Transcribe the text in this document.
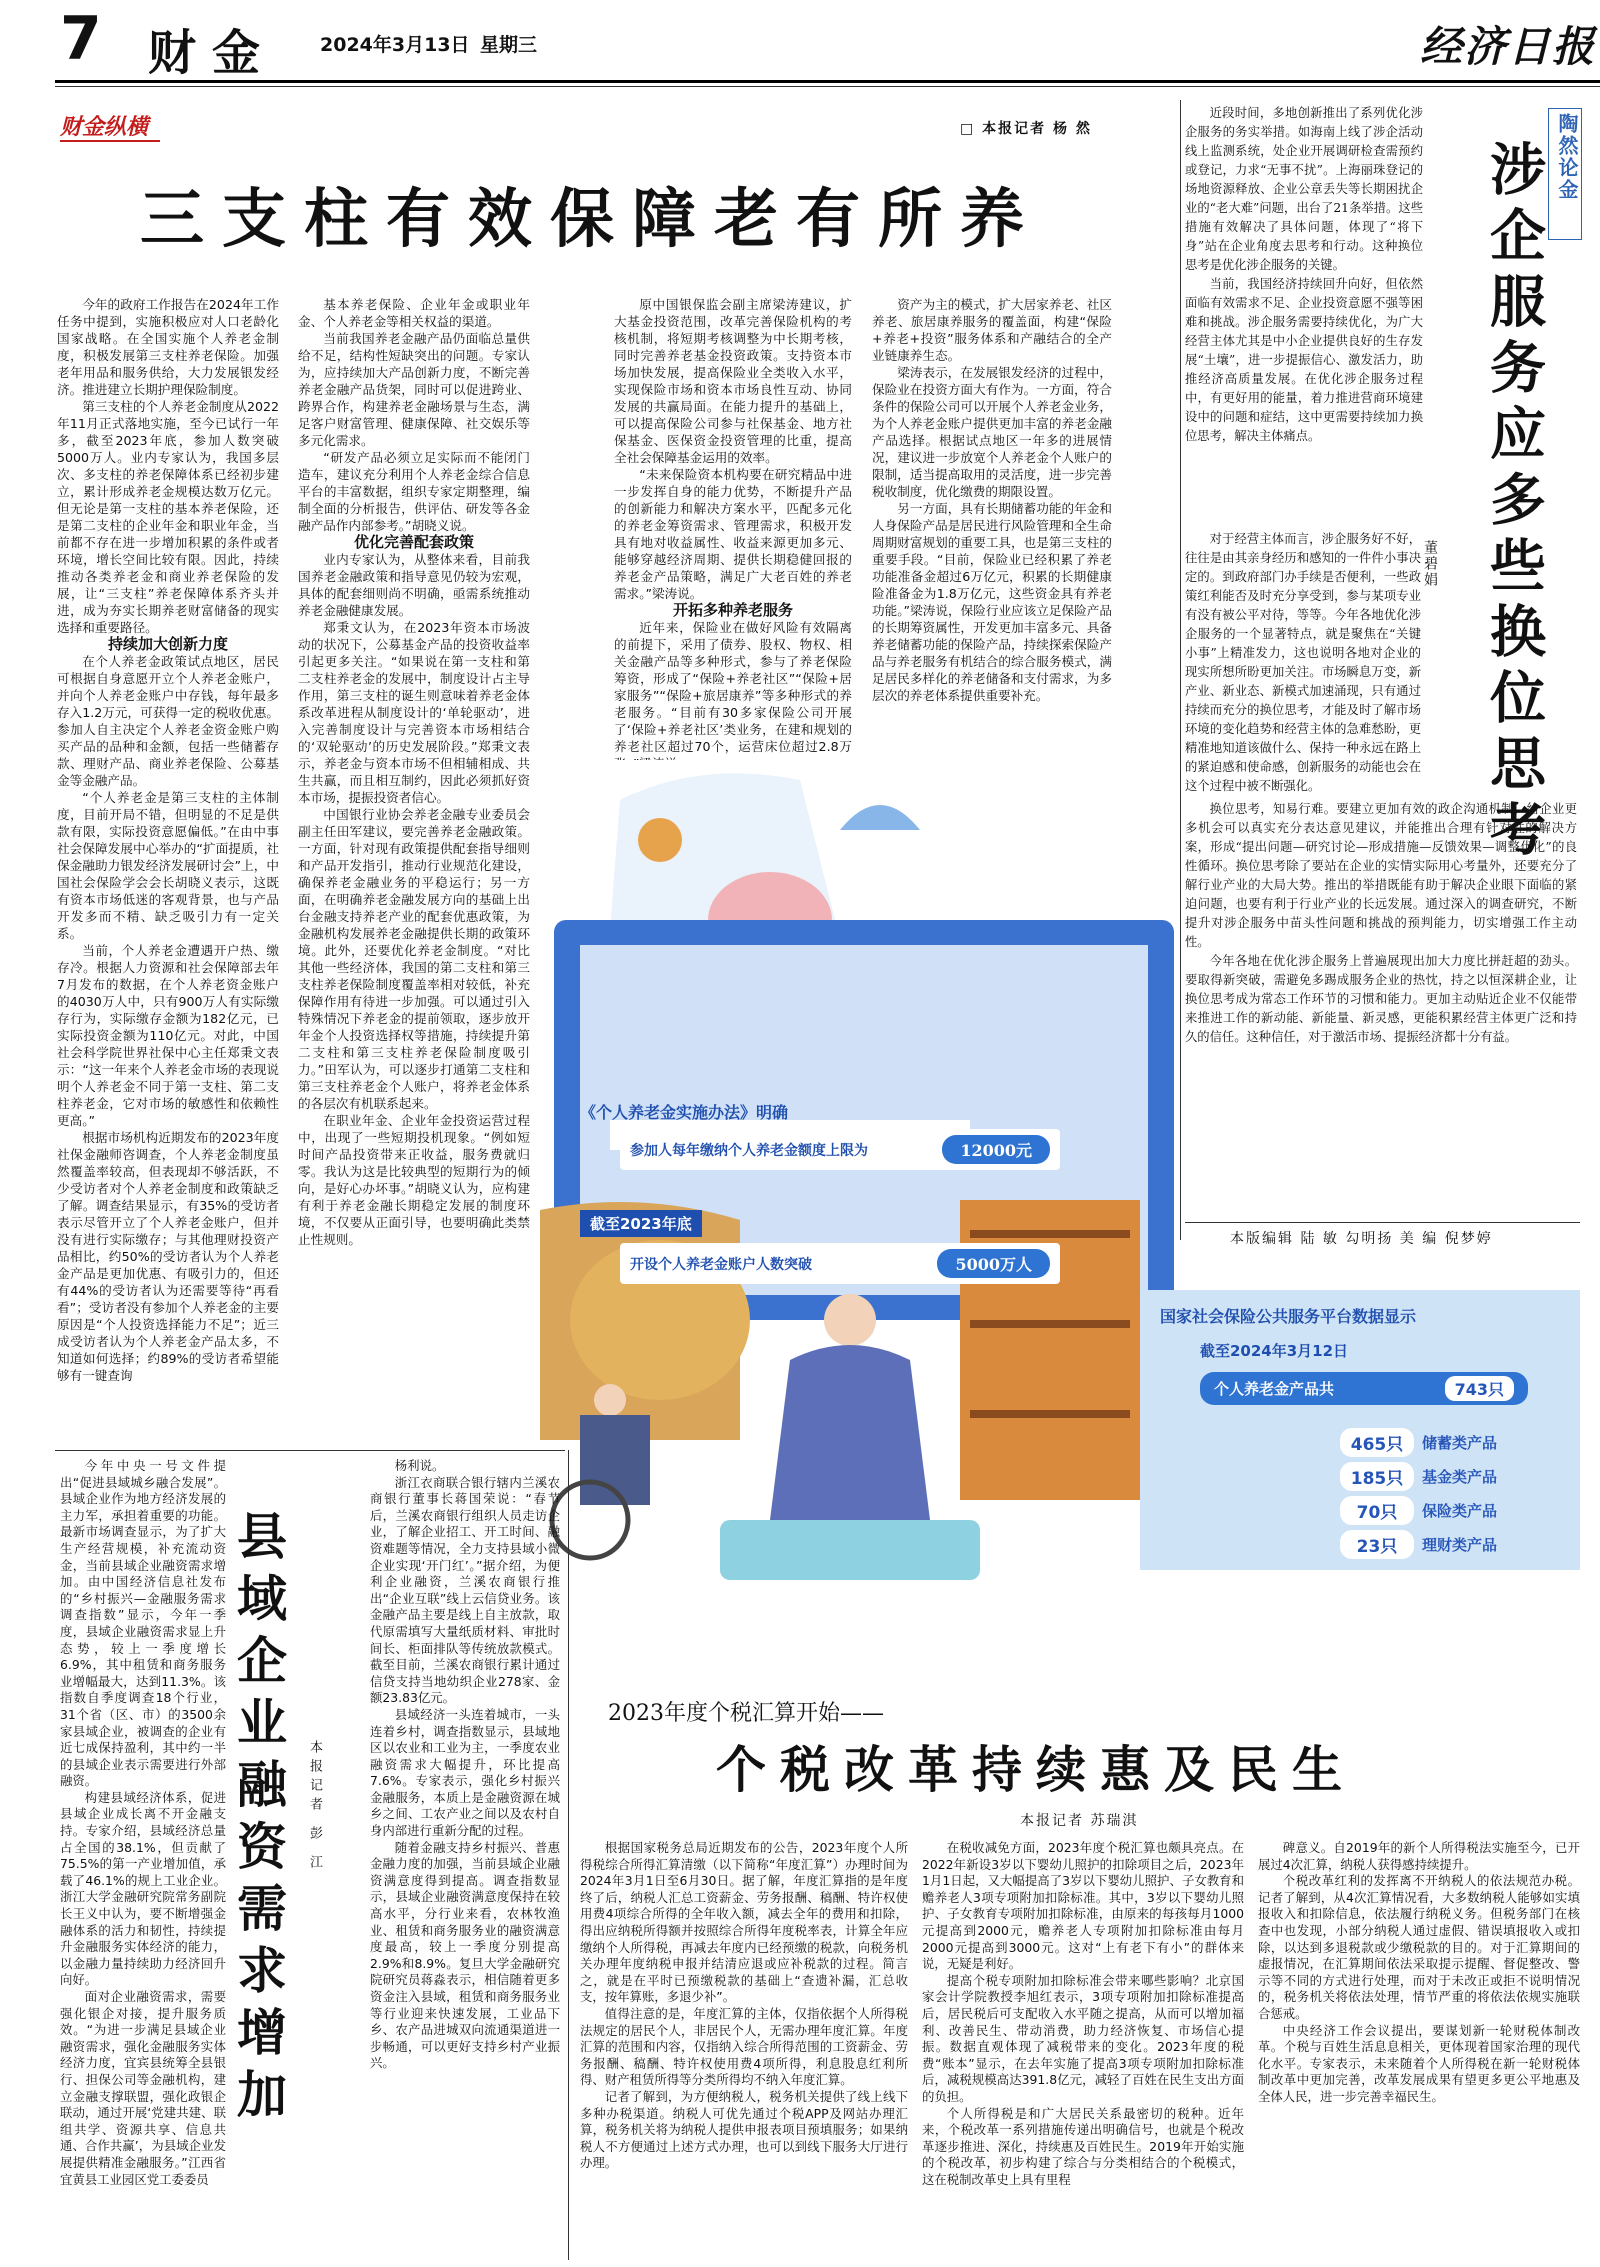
7 财金 2024年3月13日 星期三	经济日报
财金纵横	□ 本报记者 杨 然
三支柱有效保障老有所养

今年的政府工作报告在2024年工作任务中提到，实施积极应对人口老龄化国家战略。在全国实施个人养老金制度，积极发展第三支柱养老保险。加强老年用品和服务供给，大力发展银发经济。推进建立长期护理保险制度。

第三支柱的个人养老金制度从2022年11月正式落地实施，至今已试行一年多，截至2023年底，参加人数突破5000万人。业内专家认为，我国多层次、多支柱的养老保障体系已经初步建立，累计形成养老金规模达数万亿元。但无论是第一支柱的基本养老保险，还是第二支柱的企业年金和职业年金，当前都不存在进一步增加积累的条件或者环境，增长空间比较有限。因此，持续推动各类养老金和商业养老保险的发展，让“三支柱”养老保障体系齐头并进，成为夯实长期养老财富储备的现实选择和重要路径。

持续加大创新力度

在个人养老金政策试点地区，居民可根据自身意愿开立个人养老金账户，并向个人养老金账户中存钱，每年最多存入1.2万元，可获得一定的税收优惠。参加人自主决定个人养老金资金账户购买产品的品种和金额，包括一些储蓄存款、理财产品、商业养老保险、公募基金等金融产品。

“个人养老金是第三支柱的主体制度，目前开局不错，但明显的不足是供款有限，实际投资意愿偏低。”在由中事社会保障发展中心举办的“扩面提质，社保金融助力银发经济发展研讨会”上，中国社会保险学会会长胡晓义表示，这既有资本市场低迷的客观背景，也与产品开发多而不精、缺乏吸引力有一定关系。

当前，个人养老金遭遇开户热、缴存冷。根据人力资源和社会保障部去年7月发布的数据，在个人养老资金账户的4030万人中，只有900万人有实际缴存行为，实际缴存金额为182亿元，已实际投资金额为110亿元。对此，中国社会科学院世界社保中心主任郑秉文表示：“这一年来个人养老金市场的表现说明个人养老金不同于第一支柱、第二支柱养老金，它对市场的敏感性和依赖性更高。”

根据市场机构近期发布的2023年度社保金融师咨调查，个人养老金制度虽然覆盖率较高，但表现却不够活跃，不少受访者对个人养老金制度和政策缺乏了解。调查结果显示，有35%的受访者表示尽管开立了个人养老金账户，但并没有进行实际缴存；与其他理财投资产品相比，约50%的受访者认为个人养老金产品是更加优惠、有吸引力的，但还有44%的受访者认为还需要等待“再看看”；受访者没有参加个人养老金的主要原因是“个人投资选择能力不足”；近三成受访者认为个人养老金产品太多，不知道如何选择；约89%的受访者希望能够有一键查询

基本养老保险、企业年金或职业年金、个人养老金等相关权益的渠道。

当前我国养老金融产品仍面临总量供给不足，结构性短缺突出的问题。专家认为，应持续加大产品创新力度，不断完善养老金融产品货架，同时可以促进跨业、跨界合作，构建养老金融场景与生态，满足客户财富管理、健康保障、社交娱乐等多元化需求。

“研发产品必须立足实际而不能闭门造车，建议充分利用个人养老金综合信息平台的丰富数据，组织专家定期整理，编制全面的分析报告，供评估、研发等各金融产品作内部参考。”胡晓义说。

优化完善配套政策

业内专家认为，从整体来看，目前我国养老金融政策和指导意见仍较为宏观，具体的配套细则尚不明确，亟需系统推动养老金融健康发展。

郑秉文认为，在2023年资本市场波动的状况下，公募基金产品的投资收益率引起更多关注。“如果说在第一支柱和第二支柱养老金的发展中，制度设计占主导作用，第三支柱的诞生则意味着养老金体系改革进程从制度设计的‘单轮驱动’，进入完善制度设计与完善资本市场相结合的‘双轮驱动’的历史发展阶段。”郑秉文表示，养老金与资本市场不但相辅相成、共生共赢，而且相互制约，因此必须抓好资本市场，提振投资者信心。

中国银行业协会养老金融专业委员会副主任田军建议，要完善养老金融政策。一方面，针对现有政策提供配套指导细则和产品开发指引，推动行业规范化建设，确保养老金融业务的平稳运行；另一方面，在明确养老金融发展方向的基础上出台金融支持养老产业的配套优惠政策，为金融机构发展养老金融提供长期的政策环境。此外，还要优化养老金制度。“对比其他一些经济体，我国的第二支柱和第三支柱养老保险制度覆盖率相对较低，补充保障作用有待进一步加强。可以通过引入特殊情况下养老金的提前领取，逐步放开年金个人投资选择权等措施，持续提升第二支柱和第三支柱养老保险制度吸引力。”田军认为，可以逐步打通第二支柱和第三支柱养老金个人账户，将养老金体系的各层次有机联系起来。

在职业年金、企业年金投资运营过程中，出现了一些短期投机现象。“例如短时间产品投资带来正收益，服务费就归零。我认为这是比较典型的短期行为的倾向，是好心办坏事。”胡晓义认为，应构建有利于养老金融长期稳定发展的制度环境，不仅要从正面引导，也要明确此类禁止性规则。

原中国银保监会副主席梁涛建议，扩大基金投资范围，改革完善保险机构的考核机制，将短期考核调整为中长期考核，同时完善养老基金投资政策。支持资本市场加快发展，提高保险业全类收入水平，实现保险市场和资本市场良性互动、协同发展的共赢局面。在能力提升的基础上，可以提高保险公司参与社保基金、地方社保基金、医保资金投资管理的比重，提高全社会保障基金运用的效率。

“未来保险资本机构要在研究精品中进一步发挥自身的能力优势，不断提升产品的创新能力和解决方案水平，匹配多元化的养老金筹资需求、管理需求，积极开发具有地对收益属性、收益来源更加多元、能够穿越经济周期、提供长期稳健回报的养老金产品策略，满足广大老百姓的养老需求。”梁涛说。

开拓多种养老服务

近年来，保险业在做好风险有效隔离的前提下，采用了债券、股权、物权、相关金融产品等多种形式，参与了养老保险筹资，形成了“保险+养老社区”“保险+居家服务”“保险+旅居康养”等多种形式的养老服务。“目前有30多家保险公司开展了‘保险+养老社区’类业务，在建和规划的养老社区超过70个，运营床位超过2.8万

资产为主的模式，扩大居家养老、社区养老、旅居康养服务的覆盖面，构建“保险+养老+投资”服务体系和产融结合的全产业链康养生态。

梁涛表示，在发展银发经济的过程中，保险业在投资方面大有作为。一方面，符合条件的保险公司可以开展个人养老金业务，为个人养老金账户提供更加丰富的养老金融产品选择。根据试点地区一年多的进展情况，建议进一步放宽个人养老金个人账户的限制，适当提高取用的灵活度，进一步完善税收制度，优化缴费的期限设置。

另一方面，具有长期储蓄功能的年金和人身保险产品是居民进行风险管理和全生命周期财富规划的重要工具，也是第三支柱的重要手段。“目前，保险业已经积累了养老功能准备金超过6万亿元，积累的长期健康险准备金为1.8万亿元，这些资金具有养老功能。”梁涛说，保险行业应该立足保险产品的长期筹资属性，开发更加丰富多元、具备养老储蓄功能的保险产品，持续探索保险产品与养老服务有机结合的综合服务模式，满足居民多样化的养老储备和支付需求，为多层次的养老体系提供重要补充。

《个人养老金实施办法》明确
参加人每年缴纳个人养老金额度上限为	12000元
截至2023年底
开设个人养老金账户人数突破	5000万人
国家社会保险公共服务平台数据显示
截至2024年3月12日
个人养老金产品共	743只
465只	储蓄类产品
185只	基金类产品
70只	保险类产品
23只	理财类产品
陶然论金
涉企服务应多些换位思考
董碧娟

近段时间，多地创新推出了系列优化涉企服务的务实举措。如海南上线了涉企活动线上监测系统，处企业开展调研检查需预约或登记，力求“无事不扰”。上海丽珠登记的场地资源释放、企业公章丢失等长期困扰企业的“老大难”问题，出台了21条举措。这些措施有效解决了具体问题，体现了“将下身”站在企业角度去思考和行动。这种换位思考是优化涉企服务的关键。

当前，我国经济持续回升向好，但依然面临有效需求不足、企业投资意愿不强等困难和挑战。涉企服务需要持续优化，为广大经营主体尤其是中小企业提供良好的生存发展“土壤”，进一步提振信心、激发活力，助推经济高质量发展。在优化涉企服务过程中，有更好用的能量，着力推进营商环境建设中的问题和症结，这中更需要持续加力换位思考，解决主体痛点。

对于经营主体而言，涉企服务好不好，往往是由其亲身经历和感知的一件件小事决定的。到政府部门办手续是否便利，一些政策红利能否及时充分享受到，参与某项专业有没有被公平对待，等等。今年各地优化涉企服务的一个显著特点，就是聚焦在“关键小事”上精准发力，这也说明各地对企业的现实所想所盼更加关注。市场瞬息万变，新产业、新业态、新模式加速涌现，只有通过持续而充分的换位思考，才能及时了解市场环境的变化趋势和经营主体的急难愁盼，更精准地知道该做什么、保持一种永远在路上的紧迫感和使命感，创新服务的动能也会在这个过程中被不断强化。

换位思考，知易行难。要建立更加有效的政企沟通机制，给企业更多机会可以真实充分表达意见建议，并能推出合理有针对性的解决方案，形成“提出问题—研究讨论—形成措施—反馈效果—调整优化”的良性循环。换位思考除了要站在企业的实情实际用心考量外，还要充分了解行业产业的大局大势。推出的举措既能有助于解决企业眼下面临的紧迫问题，也要有利于行业产业的长远发展。通过深入的调查研究，不断提升对涉企服务中苗头性问题和挑战的预判能力，切实增强工作主动性。

今年各地在优化涉企服务上普遍展现出加大力度比拼赶超的劲头。要取得新突破，需避免多踢成服务企业的热忱，持之以恒深耕企业，让换位思考成为常态工作环节的习惯和能力。更加主动贴近企业不仅能带来推进工作的新动能、新能量、新灵感，更能积累经营主体更广泛和持久的信任。这种信任，对于激活市场、提振经济都十分有益。

本版编辑 陆 敏 勾明扬 美 编 倪梦婷

今年中央一号文件提出“促进县域城乡融合发展”。县域企业作为地方经济发展的主力军，承担着重要的功能。最新市场调查显示，为了扩大生产经营规模，补充流动资金，当前县域企业融资需求增加。由中国经济信息社发布的“乡村振兴—金融服务需求调查指数”显示，今年一季度，县域企业融资需求显上升态势，较上一季度增长6.9%，其中租赁和商务服务业增幅最大，达到11.3%。该指数自季度调查18个行业，31个省（区、市）的3500余家县域企业，被调查的企业有近七成保持盈利，其中约一半的县域企业表示需要进行外部融资。

构建县域经济体系，促进县域企业成长离不开金融支持。专家介绍，县域经济总量占全国的38.1%，但贡献了75.5%的第一产业增加值，承载了46.1%的规上工业企业。浙江大学金融研究院常务副院长王义中认为，要不断增强金融体系的活力和韧性，持续提升金融服务实体经济的能力，以金融力量持续助力经济回升向好。

面对企业融资需求，需要强化银企对接，提升服务质效。“为进一步满足县域企业融资需求，强化金融服务实体经济力度，宜宾县统筹全县银行、担保公司等金融机构，建立金融支撑联盟，强化政银企联动，通过开展‘党建共建、联组共学、资源共享、信息共通、合作共赢’，为县域企业发展提供精准金融服务。”江西省宜黄县工业园区党工委委员

县域企业融资需求增加	本报记者 彭 江

杨利说。

浙江衣商联合银行辖内兰溪农商银行董事长蒋国荣说：“春节后，兰溪农商银行组织人员走访企业，了解企业招工、开工时间、融资难题等情况，全力支持县域小微企业实现‘开门红’。”据介绍，为便利企业融资，兰溪农商银行推出“企业互联”线上云信贷业务。该金融产品主要是线上自主放款，取代原需填写大量纸质材料、审批时间长、柜面排队等传统放款模式。截至目前，兰溪农商银行累计通过信贷支持当地幼织企业278家、金额23.83亿元。

县域经济一头连着城市，一头连着乡村，调查指数显示，县域地区以农业和工业为主，一季度农业融资需求大幅提升，环比提高7.6%。专家表示，强化乡村振兴金融服务，本质上是金融资源在城乡之间、工农产业之间以及农村自身内部进行重新分配的过程。

随着金融支持乡村振兴、普惠金融力度的加强，当前县域企业融资满意度得到提高。调查指数显示，县域企业融资满意度保持在较高水平，分行业来看，农林牧渔业、租赁和商务服务业的融资满意度最高，较上一季度分别提高2.9%和8.9%。复旦大学金融研究院研究员蒋淼表示，相信随着更多资金注入县域，租赁和商务服务业等行业迎来快速发展，工业品下乡、农产品进城双向流通渠道进一步畅通，可以更好支持乡村产业振兴。

2023年度个税汇算开始——
个税改革持续惠及民生
本报记者 苏瑞淇

根据国家税务总局近期发布的公告，2023年度个人所得税综合所得汇算清缴（以下简称“年度汇算”）办理时间为2024年3月1日至6月30日。据了解，年度汇算指的是年度终了后，纳税人汇总工资薪金、劳务报酬、稿酬、特许权使用费4项综合所得的全年收入额，减去全年的费用和扣除，得出应纳税所得额并按照综合所得年度税率表，计算全年应缴纳个人所得税，再减去年度内已经预缴的税款，向税务机关办理年度纳税申报并结清应退或应补税款的过程。简言之，就是在平时已预缴税款的基础上“查遗补漏，汇总收支，按年算账，多退少补”。

值得注意的是，年度汇算的主体，仅指依据个人所得税法规定的居民个人，非居民个人，无需办理年度汇算。年度汇算的范围和内容，仅指纳入综合所得范围的工资薪金、劳务报酬、稿酬、特许权使用费4项所得，利息股息红利所得、财产租赁所得等分类所得均不纳入年度汇算。

记者了解到，为方便纳税人，税务机关提供了线上线下多种办税渠道。纳税人可优先通过个税APP及网站办理汇算，税务机关将为纳税人提供申报表项目预填服务；如果纳税人不方便通过上述方式办理，也可以到线下服务大厅进行办理。

在税收减免方面，2023年度个税汇算也颇具亮点。在2022年新设3岁以下婴幼儿照护的扣除项目之后，2023年1月1日起，又大幅提高了3岁以下婴幼儿照护、子女教育和赡养老人3项专项附加扣除标准。其中，3岁以下婴幼儿照护、子女教育专项附加扣除标准，由原来的每孩每月1000元提高到2000元，赡养老人专项附加扣除标准由每月2000元提高到3000元。这对“上有老下有小”的群体来说，无疑是利好。

提高个税专项附加扣除标准会带来哪些影响？北京国家会计学院教授李旭红表示，3项专项附加扣除标准提高后，居民税后可支配收入水平随之提高，从而可以增加福利、改善民生、带动消费，助力经济恢复、市场信心提振。数据直观体现了减税带来的变化。2023年度的税费“账本”显示，在去年实施了提高3项专项附加扣除标准后，减税规模高达391.8亿元，减轻了百姓在民生支出方面的负担。

个人所得税是和广大居民关系最密切的税种。近年来，个税改革一系列措施传递出明确信号，也就是个税改革逐步推进、深化，持续惠及百姓民生。2019年开始实施的个税改革，初步构建了综合与分类相结合的个税模式，这在税制改革史上具有里程

碑意义。自2019年的新个人所得税法实施至今，已开展过4次汇算，纳税人获得感持续提升。

个税改革红利的发挥离不开纳税人的依法规范办税。记者了解到，从4次汇算情况看，大多数纳税人能够如实填报收入和扣除信息，依法履行纳税义务。但税务部门在核查中也发现，小部分纳税人通过虚假、错误填报收入或扣除，以达到多退税款或少缴税款的目的。对于汇算期间的虚报情况，在汇算期间依法采取提示提醒、督促整改、警示等不同的方式进行处理，而对于未改正或拒不说明情况的，税务机关将依法处理，情节严重的将依法依规实施联合惩戒。

中央经济工作会议提出，要谋划新一轮财税体制改革。个税与百姓生活息息相关，更体现着国家治理的现代化水平。专家表示，未来随着个人所得税在新一轮财税体制改革中更加完善，改革发展成果有望更多更公平地惠及全体人民，进一步完善幸福民生。
